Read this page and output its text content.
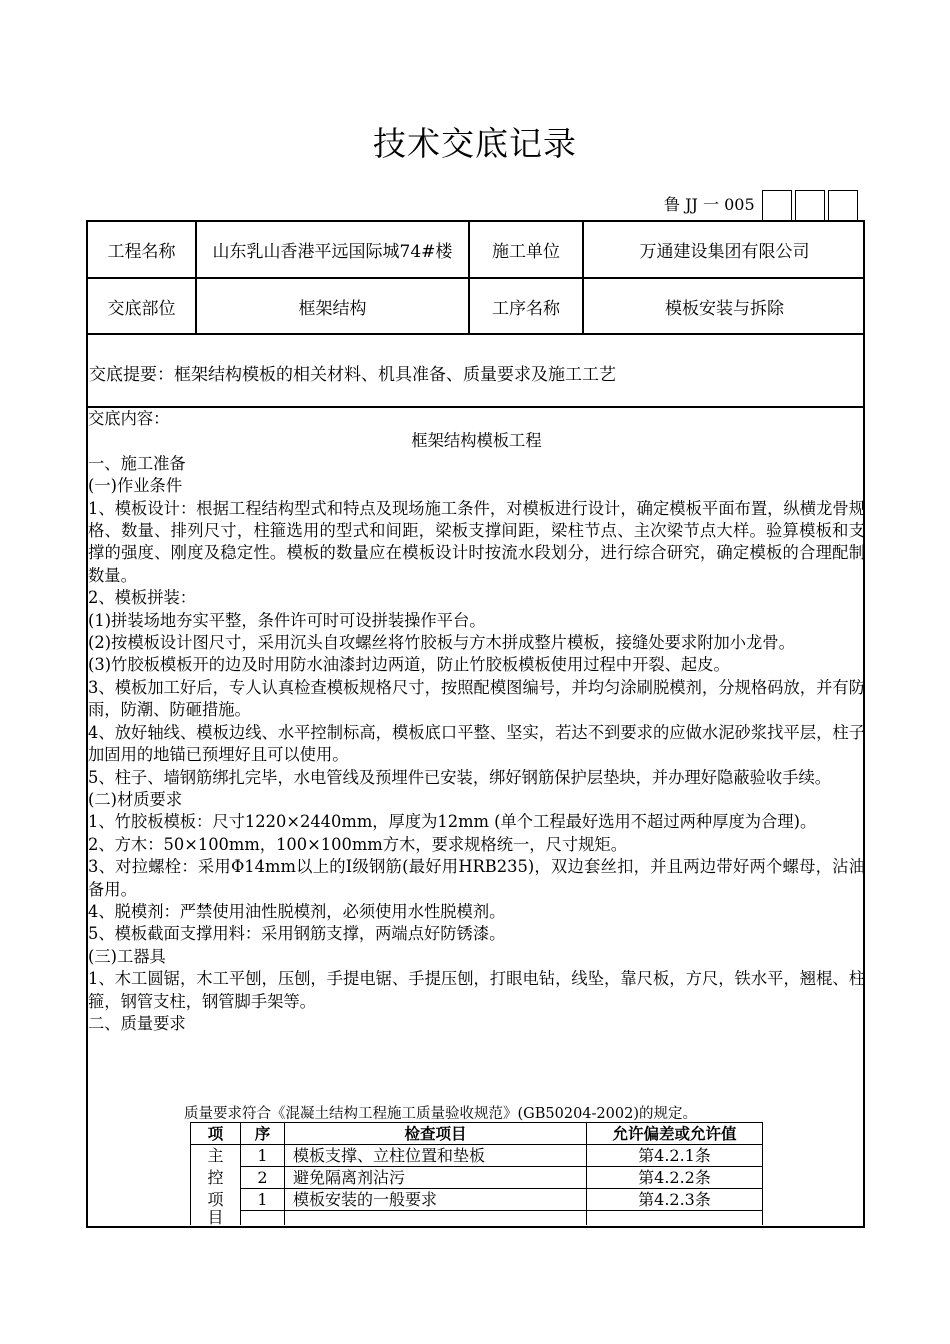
技术交底记录
鲁 JJ 一 005
工程名称	山东乳山香港平远国际城74#楼	施工单位	万通建设集团有限公司
交底部位	框架结构	工序名称	模板安装与拆除
交底提要：框架结构模板的相关材料、机具准备、质量要求及施工工艺

交底内容：

框架结构模板工程

一、施工准备

(一)作业条件

1、模板设计：根据工程结构型式和特点及现场施工条件，对模板进行设计，确定模板平面布置，纵横龙骨规格、数量、排列尺寸，柱箍选用的型式和间距，梁板支撑间距，梁柱节点、主次梁节点大样。验算模板和支撑的强度、刚度及稳定性。模板的数量应在模板设计时按流水段划分，进行综合研究，确定模板的合理配制数量。

2、模板拼装：

(1)拼装场地夯实平整，条件许可时可设拼装操作平台。

(2)按模板设计图尺寸，采用沉头自攻螺丝将竹胶板与方木拼成整片模板，接缝处要求附加小龙骨。

(3)竹胶板模板开的边及时用防水油漆封边两道，防止竹胶板模板使用过程中开裂、起皮。

3、模板加工好后，专人认真检查模板规格尺寸，按照配模图编号，并均匀涂刷脱模剂，分规格码放，并有防雨，防潮、防砸措施。

4、放好轴线、模板边线、水平控制标高，模板底口平整、坚实，若达不到要求的应做水泥砂浆找平层，柱子加固用的地锚已预埋好且可以使用。

5、柱子、墙钢筋绑扎完毕，水电管线及预埋件已安装，绑好钢筋保护层垫块，并办理好隐蔽验收手续。

(二)材质要求

1、竹胶板模板：尺寸1220×2440mm，厚度为12mm (单个工程最好选用不超过两种厚度为合理)。

2、方木：50×100mm，100×100mm方木，要求规格统一，尺寸规矩。

3、对拉螺栓：采用Φ14mm以上的Ⅰ级钢筋(最好用HRB235)，双边套丝扣，并且两边带好两个螺母，沾油备用。

4、脱模剂：严禁使用油性脱模剂，必须使用水性脱模剂。

5、模板截面支撑用料：采用钢筋支撑，两端点好防锈漆。

(三)工器具

1、木工圆锯，木工平刨，压刨，手提电锯、手提压刨，打眼电钻，线坠，靠尺板，方尺，铁水平，翘棍、柱箍，钢管支柱，钢管脚手架等。

二、质量要求

质量要求符合《混凝土结构工程施工质量验收规范》(GB50204-2002)的规定。
项	序	检查项目	允许偏差或允许值
主	1	模板支撑、立柱位置和垫板	第4.2.1条
控	2	避免隔离剂沾污	第4.2.2条
项	1	模板安装的一般要求	第4.2.3条
目			
